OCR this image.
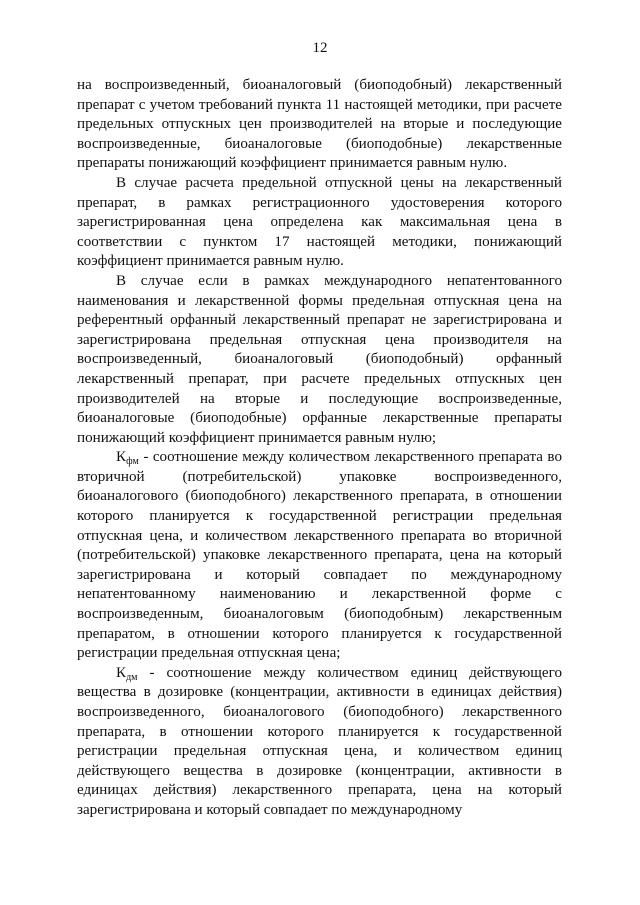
12

на воспроизведенный, биоаналоговый (биоподобный) лекарственный препарат с учетом требований пункта 11 настоящей методики, при расчете предельных отпускных цен производителей на вторые и последующие воспроизведенные, биоаналоговые (биоподобные) лекарственные препараты понижающий коэффициент принимается равным нулю.

В случае расчета предельной отпускной цены на лекарственный препарат, в рамках регистрационного удостоверения которого зарегистрированная цена определена как максимальная цена в соответствии с пунктом 17 настоящей методики, понижающий коэффициент принимается равным нулю.

В случае если в рамках международного непатентованного наименования и лекарственной формы предельная отпускная цена на референтный орфанный лекарственный препарат не зарегистрирована и зарегистрирована предельная отпускная цена производителя на воспроизведенный, биоаналоговый (биоподобный) орфанный лекарственный препарат, при расчете предельных отпускных цен производителей на вторые и последующие воспроизведенные, биоаналоговые (биоподобные) орфанные лекарственные препараты понижающий коэффициент принимается равным нулю;

$К_{фм}$ - соотношение между количеством лекарственного препарата во вторичной (потребительской) упаковке воспроизведенного, биоаналогового (биоподобного) лекарственного препарата, в отношении которого планируется к государственной регистрации предельная отпускная цена, и количеством лекарственного препарата во вторичной (потребительской) упаковке лекарственного препарата, цена на который зарегистрирована и который совпадает по международному непатентованному наименованию и лекарственной форме с воспроизведенным, биоаналоговым (биоподобным) лекарственным препаратом, в отношении которого планируется к государственной регистрации предельная отпускная цена;

$К_{дм}$ - соотношение между количеством единиц действующего вещества в дозировке (концентрации, активности в единицах действия) воспроизведенного, биоаналогового (биоподобного) лекарственного препарата, в отношении которого планируется к государственной регистрации предельная отпускная цена, и количеством единиц действующего вещества в дозировке (концентрации, активности в единицах действия) лекарственного препарата, цена на который зарегистрирована и который совпадает по международному
